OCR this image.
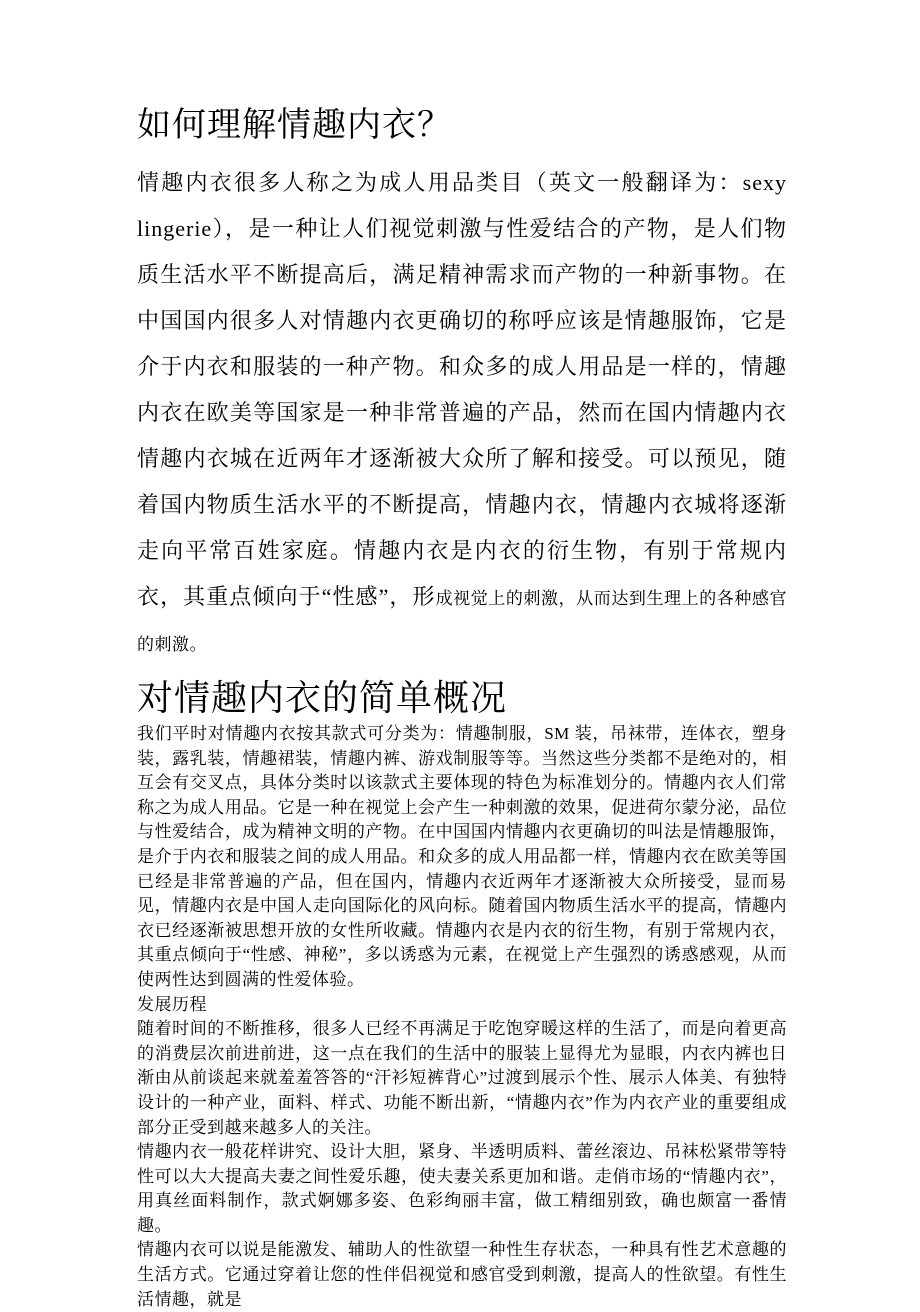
如何理解情趣内衣？

情趣内衣很多人称之为成人用品类目（英文一般翻译为：sexy lingerie），是一种让人们视觉刺激与性爱结合的产物，是人们物质生活水平不断提高后，满足精神需求而产物的一种新事物。在中国国内很多人对情趣内衣更确切的称呼应该是情趣服饰，它是介于内衣和服装的一种产物。和众多的成人用品是一样的，情趣内衣在欧美等国家是一种非常普遍的产品，然而在国内情趣内衣情趣内衣城在近两年才逐渐被大众所了解和接受。可以预见，随着国内物质生活水平的不断提高，情趣内衣，情趣内衣城将逐渐走向平常百姓家庭。情趣内衣是内衣的衍生物，有别于常规内衣，其重点倾向于“性感”，形成视觉上的刺激，从而达到生理上的各种感官的刺激。

对情趣内衣的简单概况

我们平时对情趣内衣按其款式可分类为：情趣制服，SM 装，吊袜带，连体衣，塑身装，露乳装，情趣裙装，情趣内裤、游戏制服等等。当然这些分类都不是绝对的，相互会有交叉点，具体分类时以该款式主要体现的特色为标准划分的。情趣内衣人们常称之为成人用品。它是一种在视觉上会产生一种刺激的效果，促进荷尔蒙分泌，品位与性爱结合，成为精神文明的产物。在中国国内情趣内衣更确切的叫法是情趣服饰，是介于内衣和服装之间的成人用品。和众多的成人用品都一样，情趣内衣在欧美等国已经是非常普遍的产品，但在国内，情趣内衣近两年才逐渐被大众所接受，显而易见，情趣内衣是中国人走向国际化的风向标。随着国内物质生活水平的提高，情趣内衣已经逐渐被思想开放的女性所收藏。情趣内衣是内衣的衍生物，有别于常规内衣，其重点倾向于“性感、神秘”，多以诱惑为元素，在视觉上产生强烈的诱惑感观，从而使两性达到圆满的性爱体验。

发展历程

随着时间的不断推移，很多人已经不再满足于吃饱穿暖这样的生活了，而是向着更高的消费层次前进前进，这一点在我们的生活中的服装上显得尤为显眼，内衣内裤也日渐由从前谈起来就羞羞答答的“汗衫短裤背心”过渡到展示个性、展示人体美、有独特设计的一种产业，面料、样式、功能不断出新，“情趣内衣”作为内衣产业的重要组成部分正受到越来越多人的关注。

情趣内衣一般花样讲究、设计大胆，紧身、半透明质料、蕾丝滚边、吊袜松紧带等特性可以大大提高夫妻之间性爱乐趣，使夫妻关系更加和谐。走俏市场的“情趣内衣”，用真丝面料制作，款式婀娜多姿、色彩绚丽丰富，做工精细别致，确也颇富一番情趣。

情趣内衣可以说是能激发、辅助人的性欲望一种性生存状态，一种具有性艺术意趣的生活方式。它通过穿着让您的性伴侣视觉和感官受到刺激，提高人的性欲望。有性生活情趣，就是
